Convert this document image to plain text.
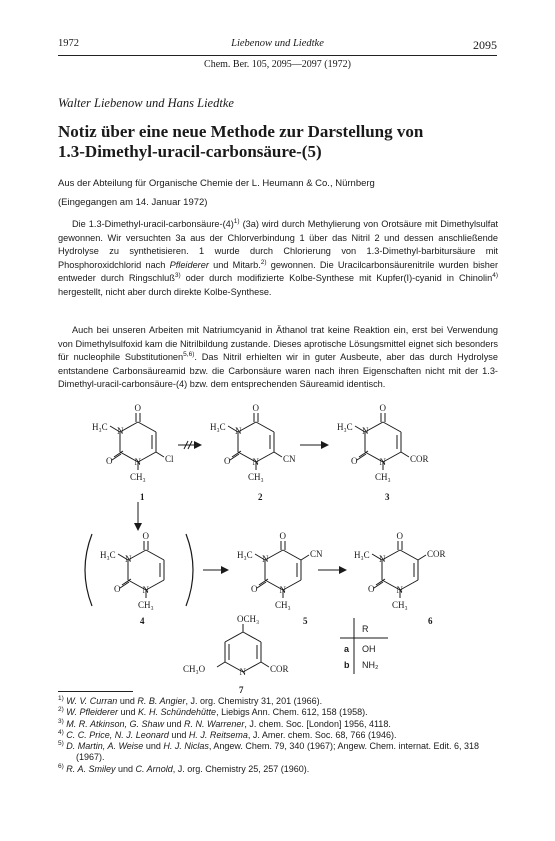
1972	Liebenow und Liedtke	2095
Chem. Ber. 105, 2095—2097 (1972)
Walter Liebenow und Hans Liedtke
Notiz über eine neue Methode zur Darstellung von
1.3-Dimethyl-uracil-carbonsäure-(5)
Aus der Abteilung für Organische Chemie der L. Heumann & Co., Nürnberg
(Eingegangen am 14. Januar 1972)

Die $1.3-Dimethyl-uracil-carbonsäure-(4)^{1)}$ (3a) wird durch Methylierung von Orotsäure mit Dimethylsulfat gewonnen. Wir versuchten 3a aus der Chlorverbindung 1 über das Nitril 2 und dessen anschließende Hydrolyse zu synthetisieren. 1 wurde durch Chlorierung von 1.3-Dimethyl-barbitursäure mit Phosphoroxidchlorid nach Pfleiderer und Mitarb.$^{2)}$ gewonnen. Die Uracilcarbonsäurenitrile wurden bisher entweder durch Ringschluß$^{3)}$ oder durch modifizierte Kolbe-Synthese mit Kupfer(I)-cyanid in Chinolin$^{4)}$ hergestellt, nicht aber durch direkte Kolbe-Synthese.

Auch bei unseren Arbeiten mit Natriumcyanid in Äthanol trat keine Reaktion ein, erst bei Verwendung von Dimethylsulfoxid kam die Nitrilbildung zustande. Dieses aprotische Lösungsmittel eignet sich besonders für nucleophile Substitutionen$^{5,6)}$. Das Nitril erhielten wir in guter Ausbeute, aber das durch Hydrolyse entstandene Carbonsäureamid bzw. die Carbonsäure waren nach ihren Eigenschaften nicht mit der 1.3-Dimethyl-uracil-carbonsäure-(4) bzw. dem entsprechenden Säureamid identisch.

O
H₃C N
O N
CH₃
Cl
1
O
H₃C N
O N
CH₃
CN
2
O
H₃C N
O N
CH₃
COR
3
O
H₃C N
O N
CH₃
4
O
H₃C N
O N
CH₃
CN
5
O
H₃C N
O N
CH₃
COR
6
OCH₃
CH₃O	N	COR
7
R
a OH
b NH₂
$^{1)}$ W. V. Curran und R. B. Angier, J. org. Chemistry 31, 201 (1966).
$^{2)}$ W. Pfleiderer und K. H. Schündehütte, Liebigs Ann. Chem. 612, 158 (1958).
$^{3)}$ M. R. Atkinson, G. Shaw und R. N. Warrener, J. chem. Soc. [London] 1956, 4118.
$^{4)}$ C. C. Price, N. J. Leonard und H. J. Reitsema, J. Amer. chem. Soc. 68, 766 (1946).
$^{5)}$ D. Martin, A. Weise und H. J. Niclas, Angew. Chem. 79, 340 (1967); Angew. Chem. internat. Edit. 6, 318 (1967).
$^{6)}$ R. A. Smiley und C. Arnold, J. org. Chemistry 25, 257 (1960).
